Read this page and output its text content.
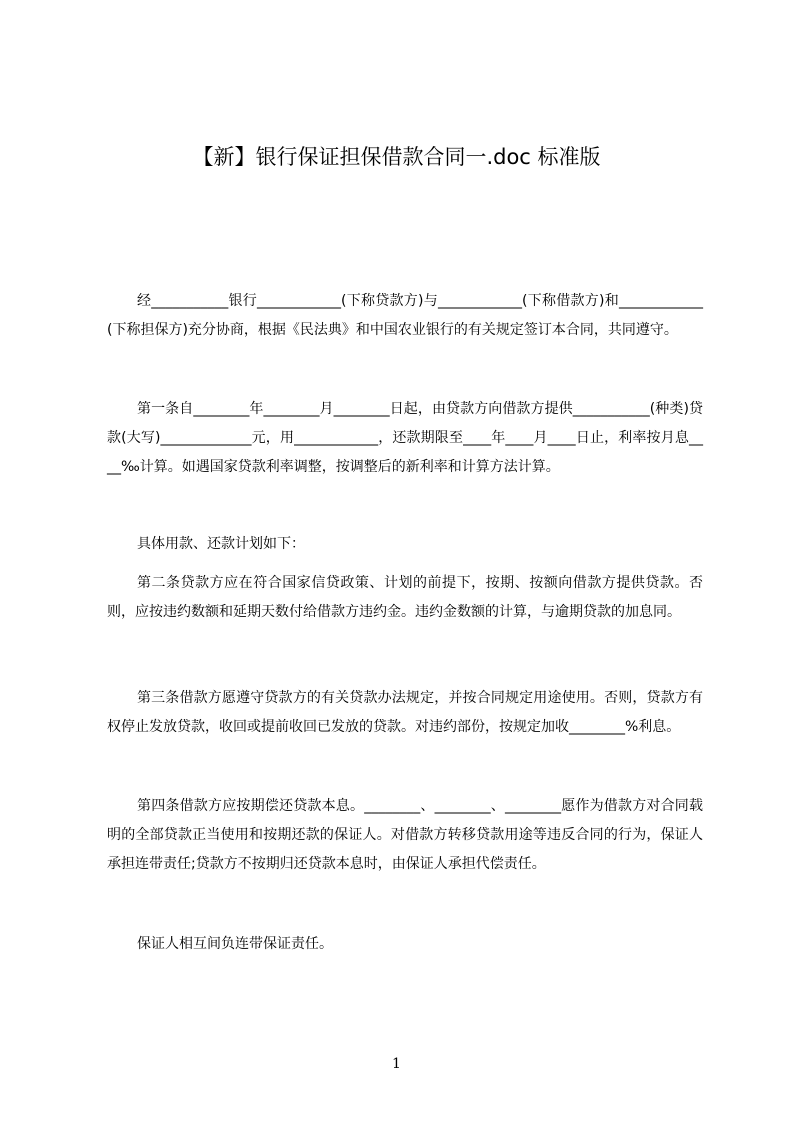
【新】银行保证担保借款合同一.doc 标准版
经___________银行____________(下称贷款方)与____________(下称借款方)和____________(下称担保方)充分协商，根据《民法典》和中国农业银行的有关规定签订本合同，共同遵守。
第一条自________年________月________日起，由贷款方向借款方提供___________(种类)贷款(大写)_____________元，用____________，还款期限至____年____月____日止，利率按月息____‰计算。如遇国家贷款利率调整，按调整后的新利率和计算方法计算。
具体用款、还款计划如下：
第二条贷款方应在符合国家信贷政策、计划的前提下，按期、按额向借款方提供贷款。否则，应按违约数额和延期天数付给借款方违约金。违约金数额的计算，与逾期贷款的加息同。
第三条借款方愿遵守贷款方的有关贷款办法规定，并按合同规定用途使用。否则，贷款方有权停止发放贷款，收回或提前收回已发放的贷款。对违约部份，按规定加收________%利息。
第四条借款方应按期偿还贷款本息。________、________、________愿作为借款方对合同载明的全部贷款正当使用和按期还款的保证人。对借款方转移贷款用途等违反合同的行为，保证人承担连带责任;贷款方不按期归还贷款本息时，由保证人承担代偿责任。
保证人相互间负连带保证责任。
1
